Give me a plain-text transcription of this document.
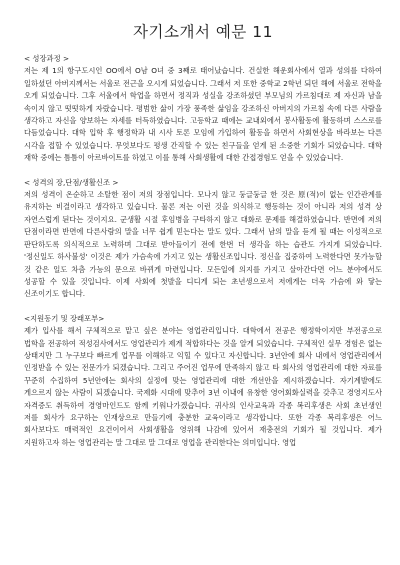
자기소개서 예문 11

< 성장과정 >

저는 제 1의 항구도시인 OO에서 O남 O녀 중 3째로 태어났습니다. 건실한 해운회사에서 열과 성의를 다하여 일하셨던 아버지께서는 서울로 전근을 오시게 되었습니다. 그래서 저 또한 중학교 2학년 되던 해에 서울로 전학을 오게 되었습니다. 그후 서울에서 학업을 하면서 정직과 성실을 강조하셨던 부모님의 가르침대로 제 자신과 남을 속이지 않고 떳떳하게 자랐습니다. 평범한 삶이 가장 풍족한 삶임을 강조하신 아버지의 가르침 속에 다른 사람을 생각하고 자신을 양보하는 자세를 터득하였습니다. 고등학교 때에는 교내외에서 봉사활동에 활동하며 스스로를 다듬었습니다. 대학 입학 후 행정학과 내 시사 토론 모임에 가입하여 활동을 하면서 사회현상을 바라보는 다른 시각을 접할 수 있었습니다. 무엇보다도 평생 간직할 수 있는 친구들을 얻게 된 소중한 기회가 되었습니다. 대학 재학 중에는 틈틈이 아르바이트를 하였고 이를 통해 사회생활에 대한 간접경험도 얻을 수 있었습니다.

< 성격의 장,단점/생활신조 >

저의 성격이 온순하고 소탈한 점이 저의 장점입니다. 모나지 않고 둥글둥글 한 것은 原(적)이 없는 인간관계를 유지하는 비결이라고 생각하고 있습니다. 물론 저는 이런 것을 의식하고 행동하는 것이 아니라 저의 성격 상 자연스럽게 된다는 것이지요. 군생활 시절 후임병을 구타하지 않고 대화로 문제를 해결하였습니다. 반면에 저의 단점이라면 반면에 다른사람의 말을 너무 쉽게 믿는다는 말도 있다. 그래서 남의 말을 듣게 될 때는 이성적으로 판단하도록 의식적으로 노력하며 그대로 받아들이기 전에 한번 더 생각을 하는 습관도 가지게 되었습니다. '정신일도 하사불성' 이것은 제가 가슴속에 가지고 있는 생활신조입니다. 정신을 집중하여 노력한다면 못가능할 것 같은 일도 차츰 가능의 문으로 바뀌게 마련입니다. 모든일에 의지를 가지고 살아간다면 어느 분야에서도 성공할 수 있을 것입니다. 이제 사회에 첫발을 디디게 되는 초년생으로서 저에게는 더욱 가슴에 와 닿는 신조이기도 합니다.

<지원동기 및 장래포부>

제가 입사를 해서 구체적으로 맡고 싶은 분야는 영업관리입니다. 대학에서 전공은 행정학이지만 부전공으로 법학을 전공하여 적성검사에서도 영업관리가 제게 적합하다는 것을 알게 되었습니다. 구체적인 실무 경험은 없는 상태지만 그 누구보다 빠르게 업무를 이해하고 익힐 수 있다고 자신합니다. 3년안에 회사 내에서 영업관리에서 인정받을 수 있는 전문가가 되겠습니다. 그리고 주어진 업무에 만족하지 않고 타 회사의 영업관리에 대한 자료를 꾸준히 수집하여 5년안에는 회사의 실정에 맞는 영업관리에 대한 개선안을 제시하겠습니다. 자기계발에도 게으르지 않는 사람이 되겠습니다. 국제화 시대에 맞추어 3년 이내에 유창한 영어회화실력을 갖추고 경영지도사 자격증도 취득하여 경영마인드도 함께 키워나가겠습니다. 귀사의 인사교육과 각종 복리후생은 사회 초년생인 저를 회사가 요구하는 인재상으로 만들기에 충분한 교육이라고 생각합니다. 또한 각종 복리후생은 어느 회사보다도 매력적인 요건이어서 사회생활을 영위해 나감에 있어서 재충전의 기회가 될 것입니다. 제가 지원하고자 하는 영업관리는 말 그대로 말 그대로 영업을 관리한다는 의미입니다. 영업
